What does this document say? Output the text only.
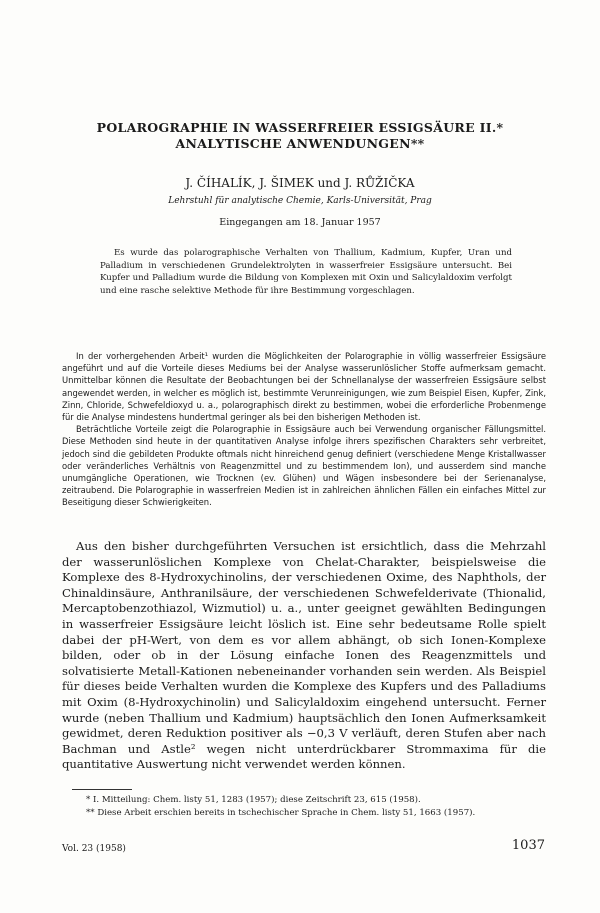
POLAROGRAPHIE IN WASSERFREIER ESSIGSÄURE II.*
ANALYTISCHE ANWENDUNGEN**
J. ČÍHALÍK, J. ŠIMEK und J. RŮŽIČKA
Lehrstuhl für analytische Chemie, Karls-Universität, Prag
Eingegangen am 18. Januar 1957

Es wurde das polarographische Verhalten von Thallium, Kadmium, Kupfer, Uran und Palladium in verschiedenen Grundelektrolyten in wasserfreier Essigsäure untersucht. Bei Kupfer und Palladium wurde die Bildung von Komplexen mit Oxin und Salicylaldoxim verfolgt und eine rasche selektive Methode für ihre Bestimmung vorgeschlagen.

In der vorhergehenden Arbeit¹ wurden die Möglichkeiten der Polarographie in völlig wasserfreier Essigsäure angeführt und auf die Vorteile dieses Mediums bei der Analyse wasserunlöslicher Stoffe aufmerksam gemacht. Unmittelbar können die Resultate der Beobachtungen bei der Schnellanalyse der wasserfreien Essigsäure selbst angewendet werden, in welcher es möglich ist, bestimmte Verunreinigungen, wie zum Beispiel Eisen, Kupfer, Zink, Zinn, Chloride, Schwefeldioxyd u. a., polarographisch direkt zu bestimmen, wobei die erforderliche Probenmenge für die Analyse mindestens hundertmal geringer als bei den bisherigen Methoden ist.

Beträchtliche Vorteile zeigt die Polarographie in Essigsäure auch bei Verwendung organischer Fällungsmittel. Diese Methoden sind heute in der quantitativen Analyse infolge ihrers spezifischen Charakters sehr verbreitet, jedoch sind die gebildeten Produkte oftmals nicht hinreichend genug definiert (verschiedene Menge Kristallwasser oder veränderliches Verhältnis von Reagenzmittel und zu bestimmendem Ion), und ausserdem sind manche unumgängliche Operationen, wie Trocknen (ev. Glühen) und Wägen insbesondere bei der Serienanalyse, zeitraubend. Die Polarographie in wasserfreien Medien ist in zahlreichen ähnlichen Fällen ein einfaches Mittel zur Beseitigung dieser Schwierigkeiten.

Aus den bisher durchgeführten Versuchen ist ersichtlich, dass die Mehrzahl der wasserunlöslichen Komplexe von Chelat-Charakter, beispielsweise die Komplexe des 8-Hydroxychinolins, der verschiedenen Oxime, des Naphthols, der Chinaldinsäure, Anthranilsäure, der verschiedenen Schwefelderivate (Thionalid, Mercaptobenzothiazol, Wizmutiol) u. a., unter geeignet gewählten Bedingungen in wasserfreier Essigsäure leicht löslich ist. Eine sehr bedeutsame Rolle spielt dabei der pH-Wert, von dem es vor allem abhängt, ob sich Ionen-Komplexe bilden, oder ob in der Lösung einfache Ionen des Reagenzmittels und solvatisierte Metall-Kationen nebeneinander vorhanden sein werden. Als Beispiel für dieses beide Verhalten wurden die Komplexe des Kupfers und des Palladiums mit Oxim (8-Hydroxychinolin) und Salicylaldoxim eingehend untersucht. Ferner wurde (neben Thallium und Kadmium) hauptsächlich den Ionen Aufmerksamkeit gewidmet, deren Reduktion positiver als −0,3 V verläuft, deren Stufen aber nach Bachman und Astle² wegen nicht unterdrückbarer Strommaxima für die quantitative Auswertung nicht verwendet werden können.

* I. Mitteilung: Chem. listy 51, 1283 (1957); diese Zeitschrift 23, 615 (1958).
** Diese Arbeit erschien bereits in tschechischer Sprache in Chem. listy 51, 1663 (1957).
Vol. 23 (1958)	1037
